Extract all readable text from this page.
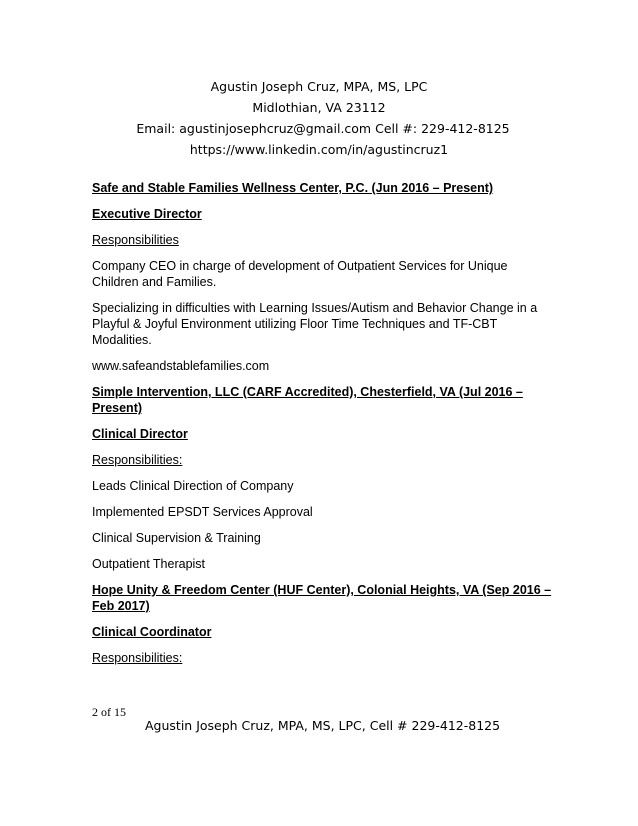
Agustin Joseph Cruz, MPA, MS, LPC
Midlothian, VA 23112
Email: agustinjosephcruz@gmail.com Cell #: 229-412-8125
https://www.linkedin.com/in/agustincruz1

Safe and Stable Families Wellness Center, P.C. (Jun 2016 – Present)

Executive Director

Responsibilities

Company CEO in charge of development of Outpatient Services for Unique Children and Families.

Specializing in difficulties with Learning Issues/Autism and Behavior Change in a Playful & Joyful Environment utilizing Floor Time Techniques and TF-CBT Modalities.

www.safeandstablefamilies.com

Simple Intervention, LLC (CARF Accredited), Chesterfield, VA (Jul 2016 – Present)

Clinical Director

Responsibilities:

Leads Clinical Direction of Company

Implemented EPSDT Services Approval

Clinical Supervision & Training

Outpatient Therapist

Hope Unity & Freedom Center (HUF Center), Colonial Heights, VA (Sep 2016 – Feb 2017)

Clinical Coordinator

Responsibilities:

2 of 15
Agustin Joseph Cruz, MPA, MS, LPC, Cell # 229-412-8125
